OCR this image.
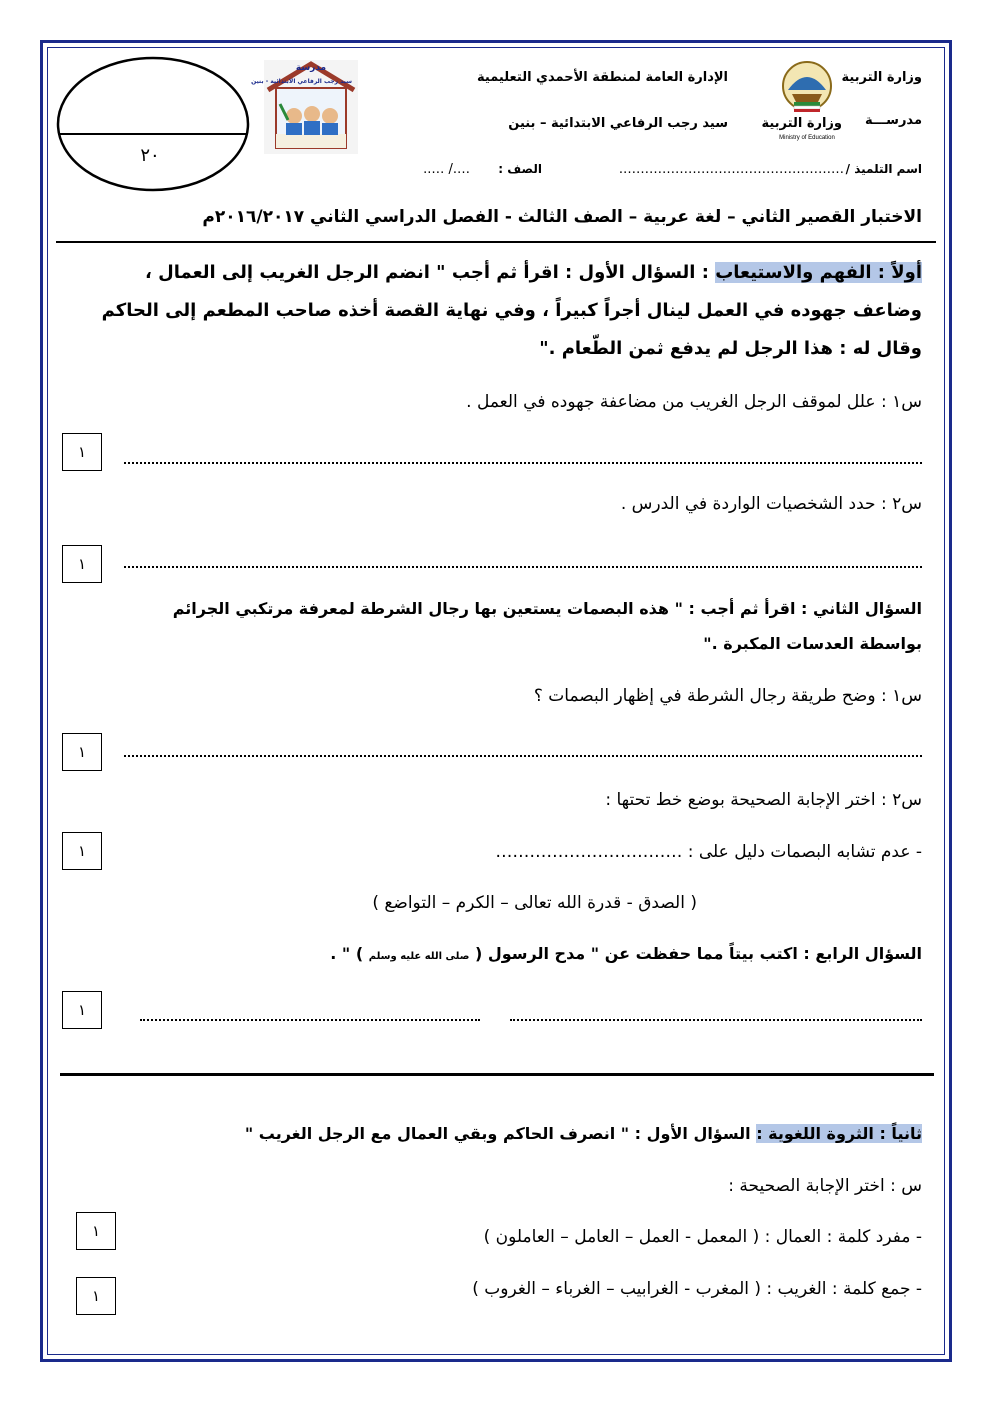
وزارة التربية
مدرســـة
الإدارة العامة لمنطقة الأحمدي التعليمية
سيد رجب الرفاعي الابتدائية – بنين	وزارة التربية
Ministry of Education
مدرسة
سيد رجب الرفاعي الابتدائية - بنين
٢٠
اسم التلميذ /
…………………………………………….
الصف :
…./ …..
الاختبار القصير الثاني – لغة عربية – الصف الثالث - الفصل الدراسي الثاني ٢٠١٦/٢٠١٧م
أولاً : الفهم والاستيعاب : السؤال الأول : اقرأ ثم أجب " انضم الرجل الغريب إلى العمال ،
وضاعف جهوده في العمل لينال أجراً كبيراً ، وفي نهاية القصة أخذه صاحب المطعم إلى الحاكم
وقال له : هذا الرجل لم يدفع ثمن الطّعام ."
س١ : علل لموقف الرجل الغريب من مضاعفة جهوده في العمل .
١
س٢ : حدد الشخصيات الواردة في الدرس .
١
السؤال الثاني : اقرأ ثم أجب : " هذه البصمات يستعين بها رجال الشرطة لمعرفة مرتكبي الجرائم
بواسطة العدسات المكبرة ."
س١ : وضح طريقة رجال الشرطة في إظهار البصمات ؟
١
س٢ : اختر الإجابة الصحيحة بوضع خط تحتها :
- عدم تشابه البصمات دليل على : ……………………………
١
( الصدق - قدرة الله تعالى – الكرم – التواضع )
السؤال الرابع : اكتب بيتاً مما حفظت عن " مدح الرسول ( صلى الله عليه وسلم ) " .
١
ثانياً : الثروة اللغوية : السؤال الأول : " انصرف الحاكم وبقي العمال مع الرجل الغريب "
س : اختر الإجابة الصحيحة :
- مفرد كلمة : العمال : ( المعمل - العمل – العامل – العاملون )
١
- جمع كلمة : الغريب : ( المغرب - الغرابيب – الغرباء – الغروب )
١
